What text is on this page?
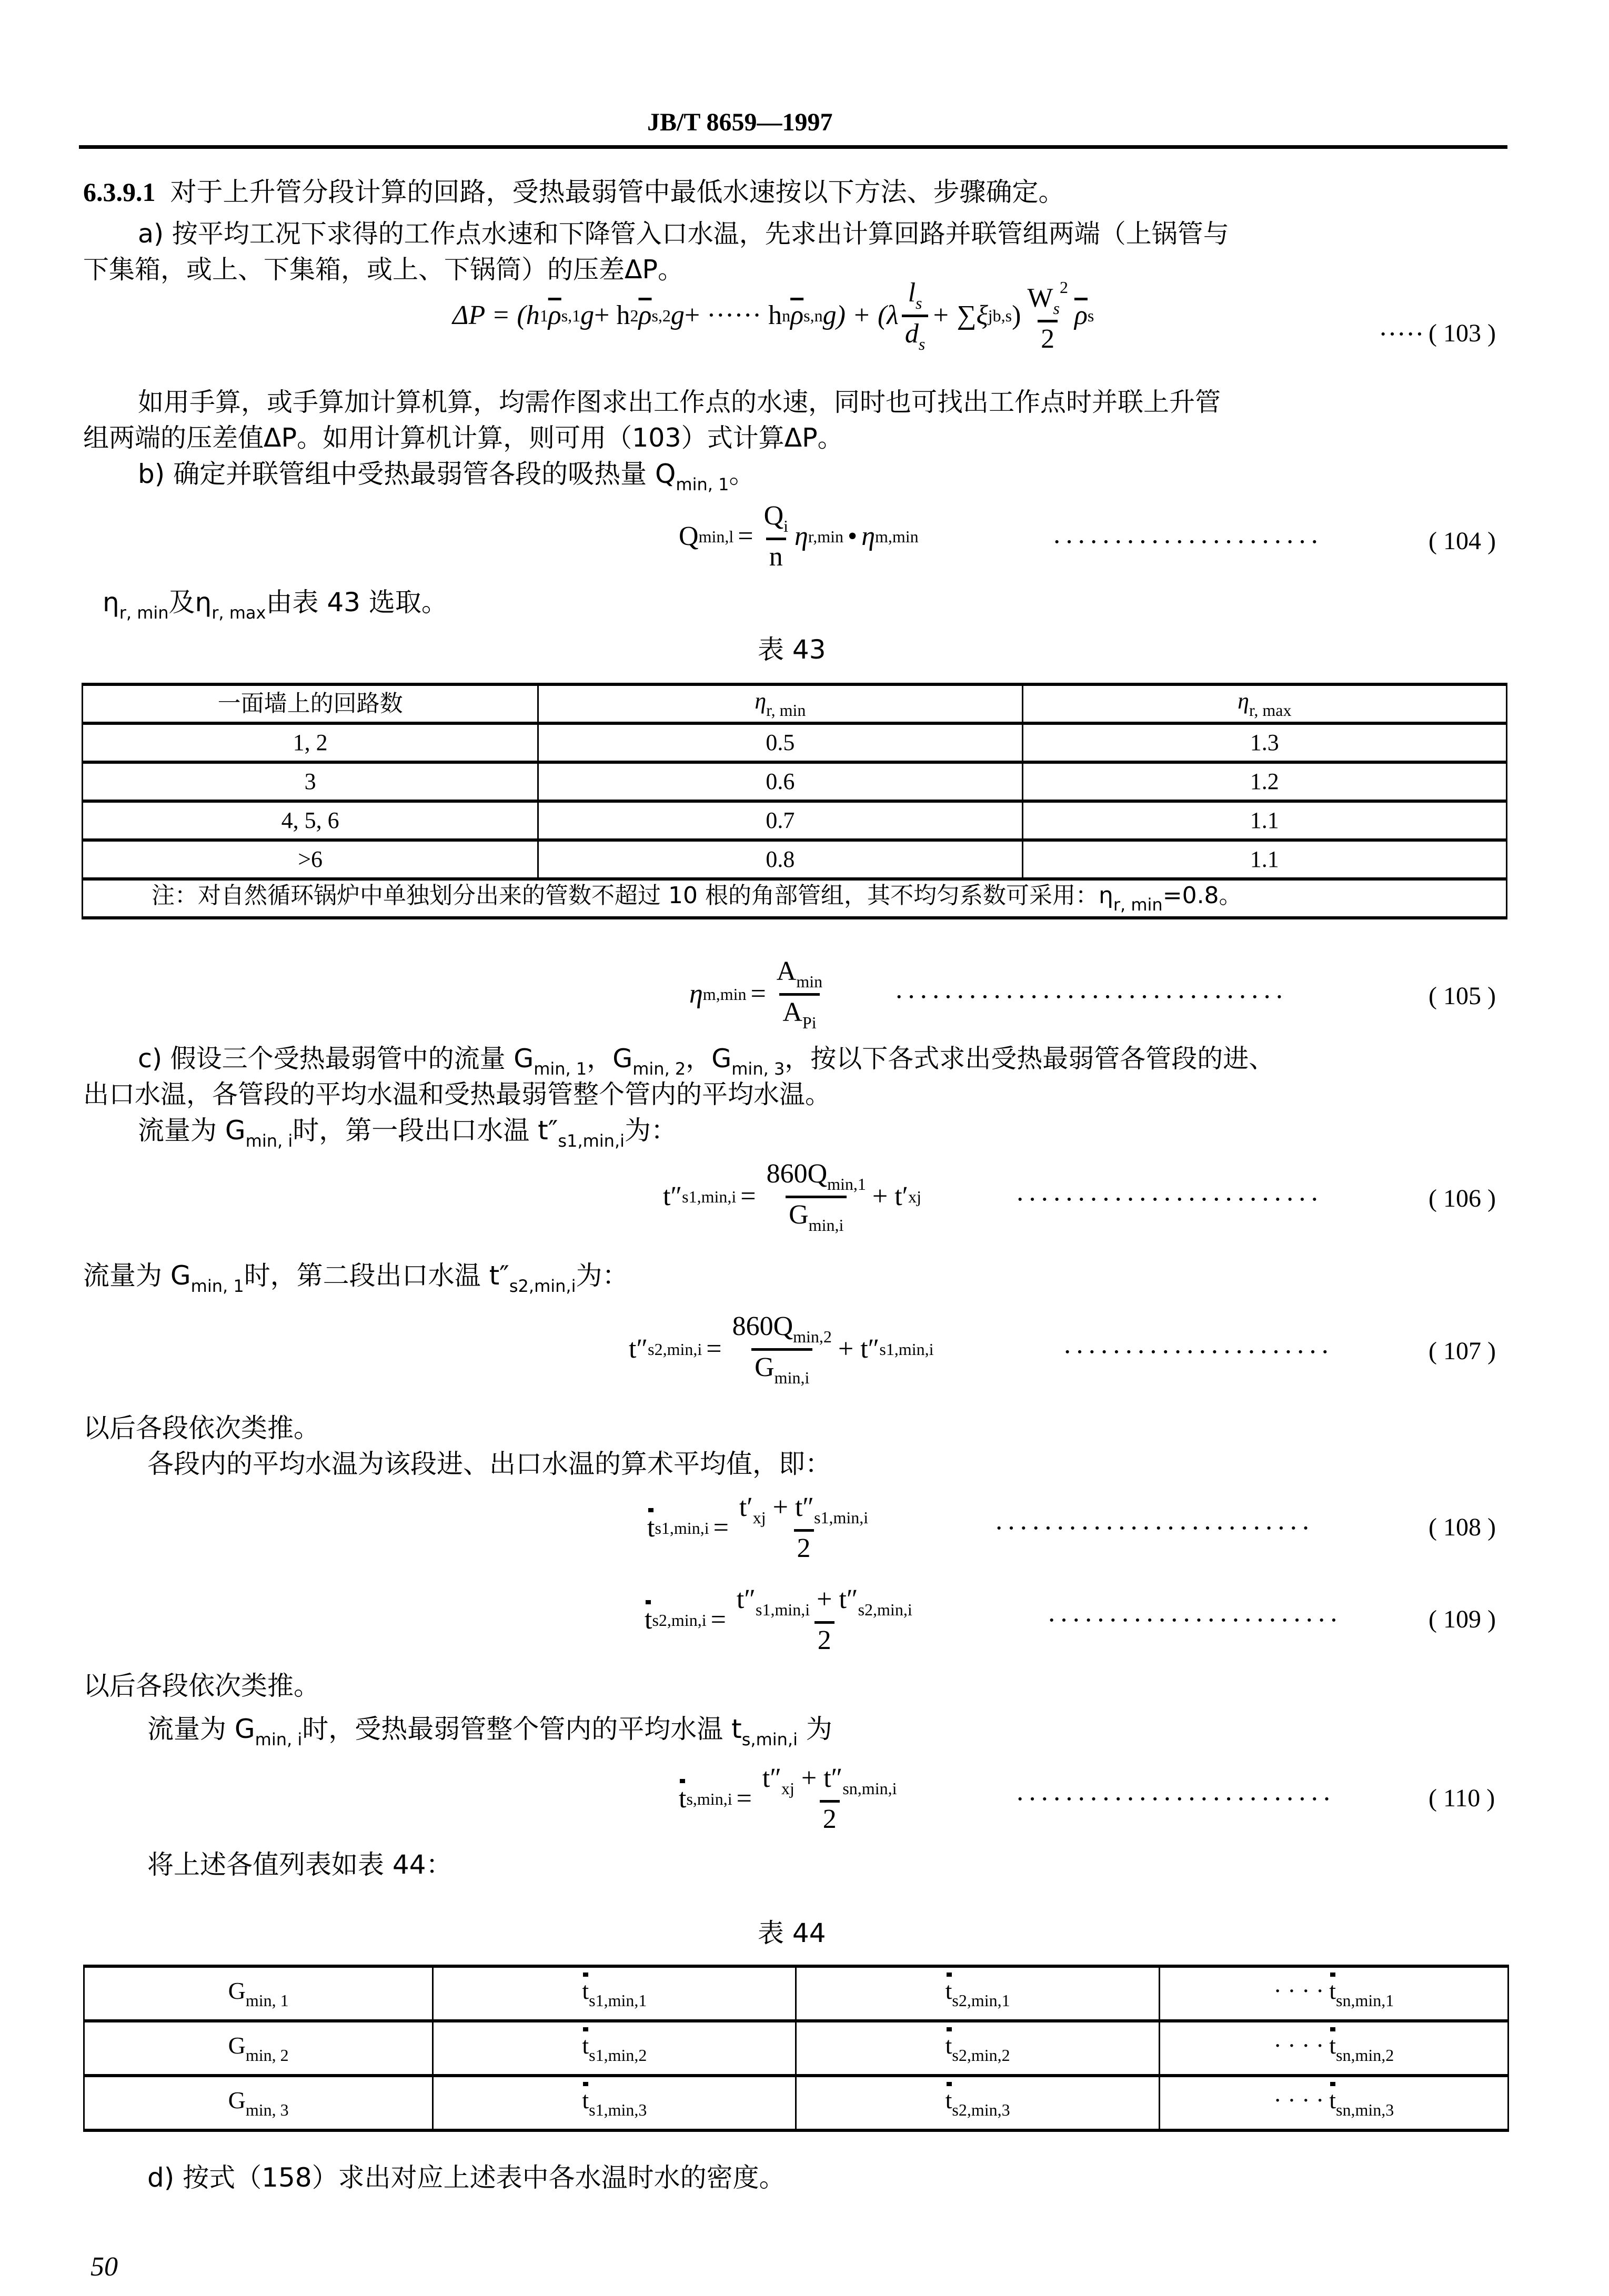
JB/T 8659—1997
6.3.9.1 对于上升管分段计算的回路，受热最弱管中最低水速按以下方法、步骤确定。
a) 按平均工况下求得的工作点水速和下降管入口水温，先求出计算回路并联管组两端（上锅管与
下集箱，或上、下集箱，或上、下锅筒）的压差ΔP。
ΔP = (h 1 $\overline{\rho}$ s,1 g + h 2 $\overline{\rho}$ s,2 g + ······ h n $\overline{\rho}$ s,n $g) + (\lambda \frac{l_s}{d_s} + \sum\xi$ jb,s ) $\frac{W_s^2}{2} \overline{\rho}$ s
····· ( 103 )
如用手算，或手算加计算机算，均需作图求出工作点的水速，同时也可找出工作点时并联上升管
组两端的压差值ΔP。如用计算机计算，则可用（103）式计算ΔP。
b) 确定并联管组中受热最弱管各段的吸热量 $Q_{min, 1}$。
Q $\min,l = \frac{Q_i}{n}$ η r,min • η m,min	······················	( 104 )
$\eta_{r, min}$及$\eta_{r, max}$由表 43 选取。
表 43
一面墙上的回路数	$\eta_{r, min}$	$\eta_{r, max}$
1, 2	0.5	1.3
3	0.6	1.2
4, 5, 6	0.7	1.1
>6	0.8	1.1
注：对自然循环锅炉中单独划分出来的管数不超过 10 根的角部管组，其不均匀系数可采用：$\eta_{r, min}=0.8$。		
η $m,\min = \frac{A_{min}}{A_{Pi}}$	································	( 105 )
c) 假设三个受热最弱管中的流量 $G_{min, 1}$，$G_{min, 2}$，$G_{min, 3}$，按以下各式求出受热最弱管各管段的进、
出口水温，各管段的平均水温和受热最弱管整个管内的平均水温。
流量为 $G_{min, i}$时，第一段出口水温 $t''_{s1,min,i}$为：
t″ $s1,\min,i = \frac{860Q_{min,1}}{G_{min,i}} + t'$ xj	·························	( 106 )
流量为 $G_{min, 1}$时，第二段出口水温 $t''_{s2,min,i}$为：
t″ $s2,\min,i = \frac{860Q_{min,2}}{G_{min,i}} + t''$ s1,min,i	······················	( 107 )
以后各段依次类推。
各段内的平均水温为该段进、出口水温的算术平均值，即：
t $s1,\min,i = \frac{t'_{xj} + t''_{s1,min,i}}{2}$	··························	( 108 )
t $s2,\min,i = \frac{t''_{s1,min,i} + t''_{s2,min,i}}{2}$	························	( 109 )
以后各段依次类推。
流量为 $G_{min, i}$时，受热最弱管整个管内的平均水温 $t_{s,min,i}$ 为
t $s,\min,i = \frac{t''_{xj} + t''_{sn,min,i}}{2}$	··························	( 110 )
将上述各值列表如表 44：
表 44
$G_{min, 1}$	$t_{s1,min,1}$	$t_{s2,min,1}$	· · · · $t_{sn,min,1}$
$G_{min, 2}$	$t_{s1,min,2}$	$t_{s2,min,2}$	· · · · $t_{sn,min,2}$
$G_{min, 3}$	$t_{s1,min,3}$	$t_{s2,min,3}$	· · · · $t_{sn,min,3}$
d) 按式（158）求出对应上述表中各水温时水的密度。
50
